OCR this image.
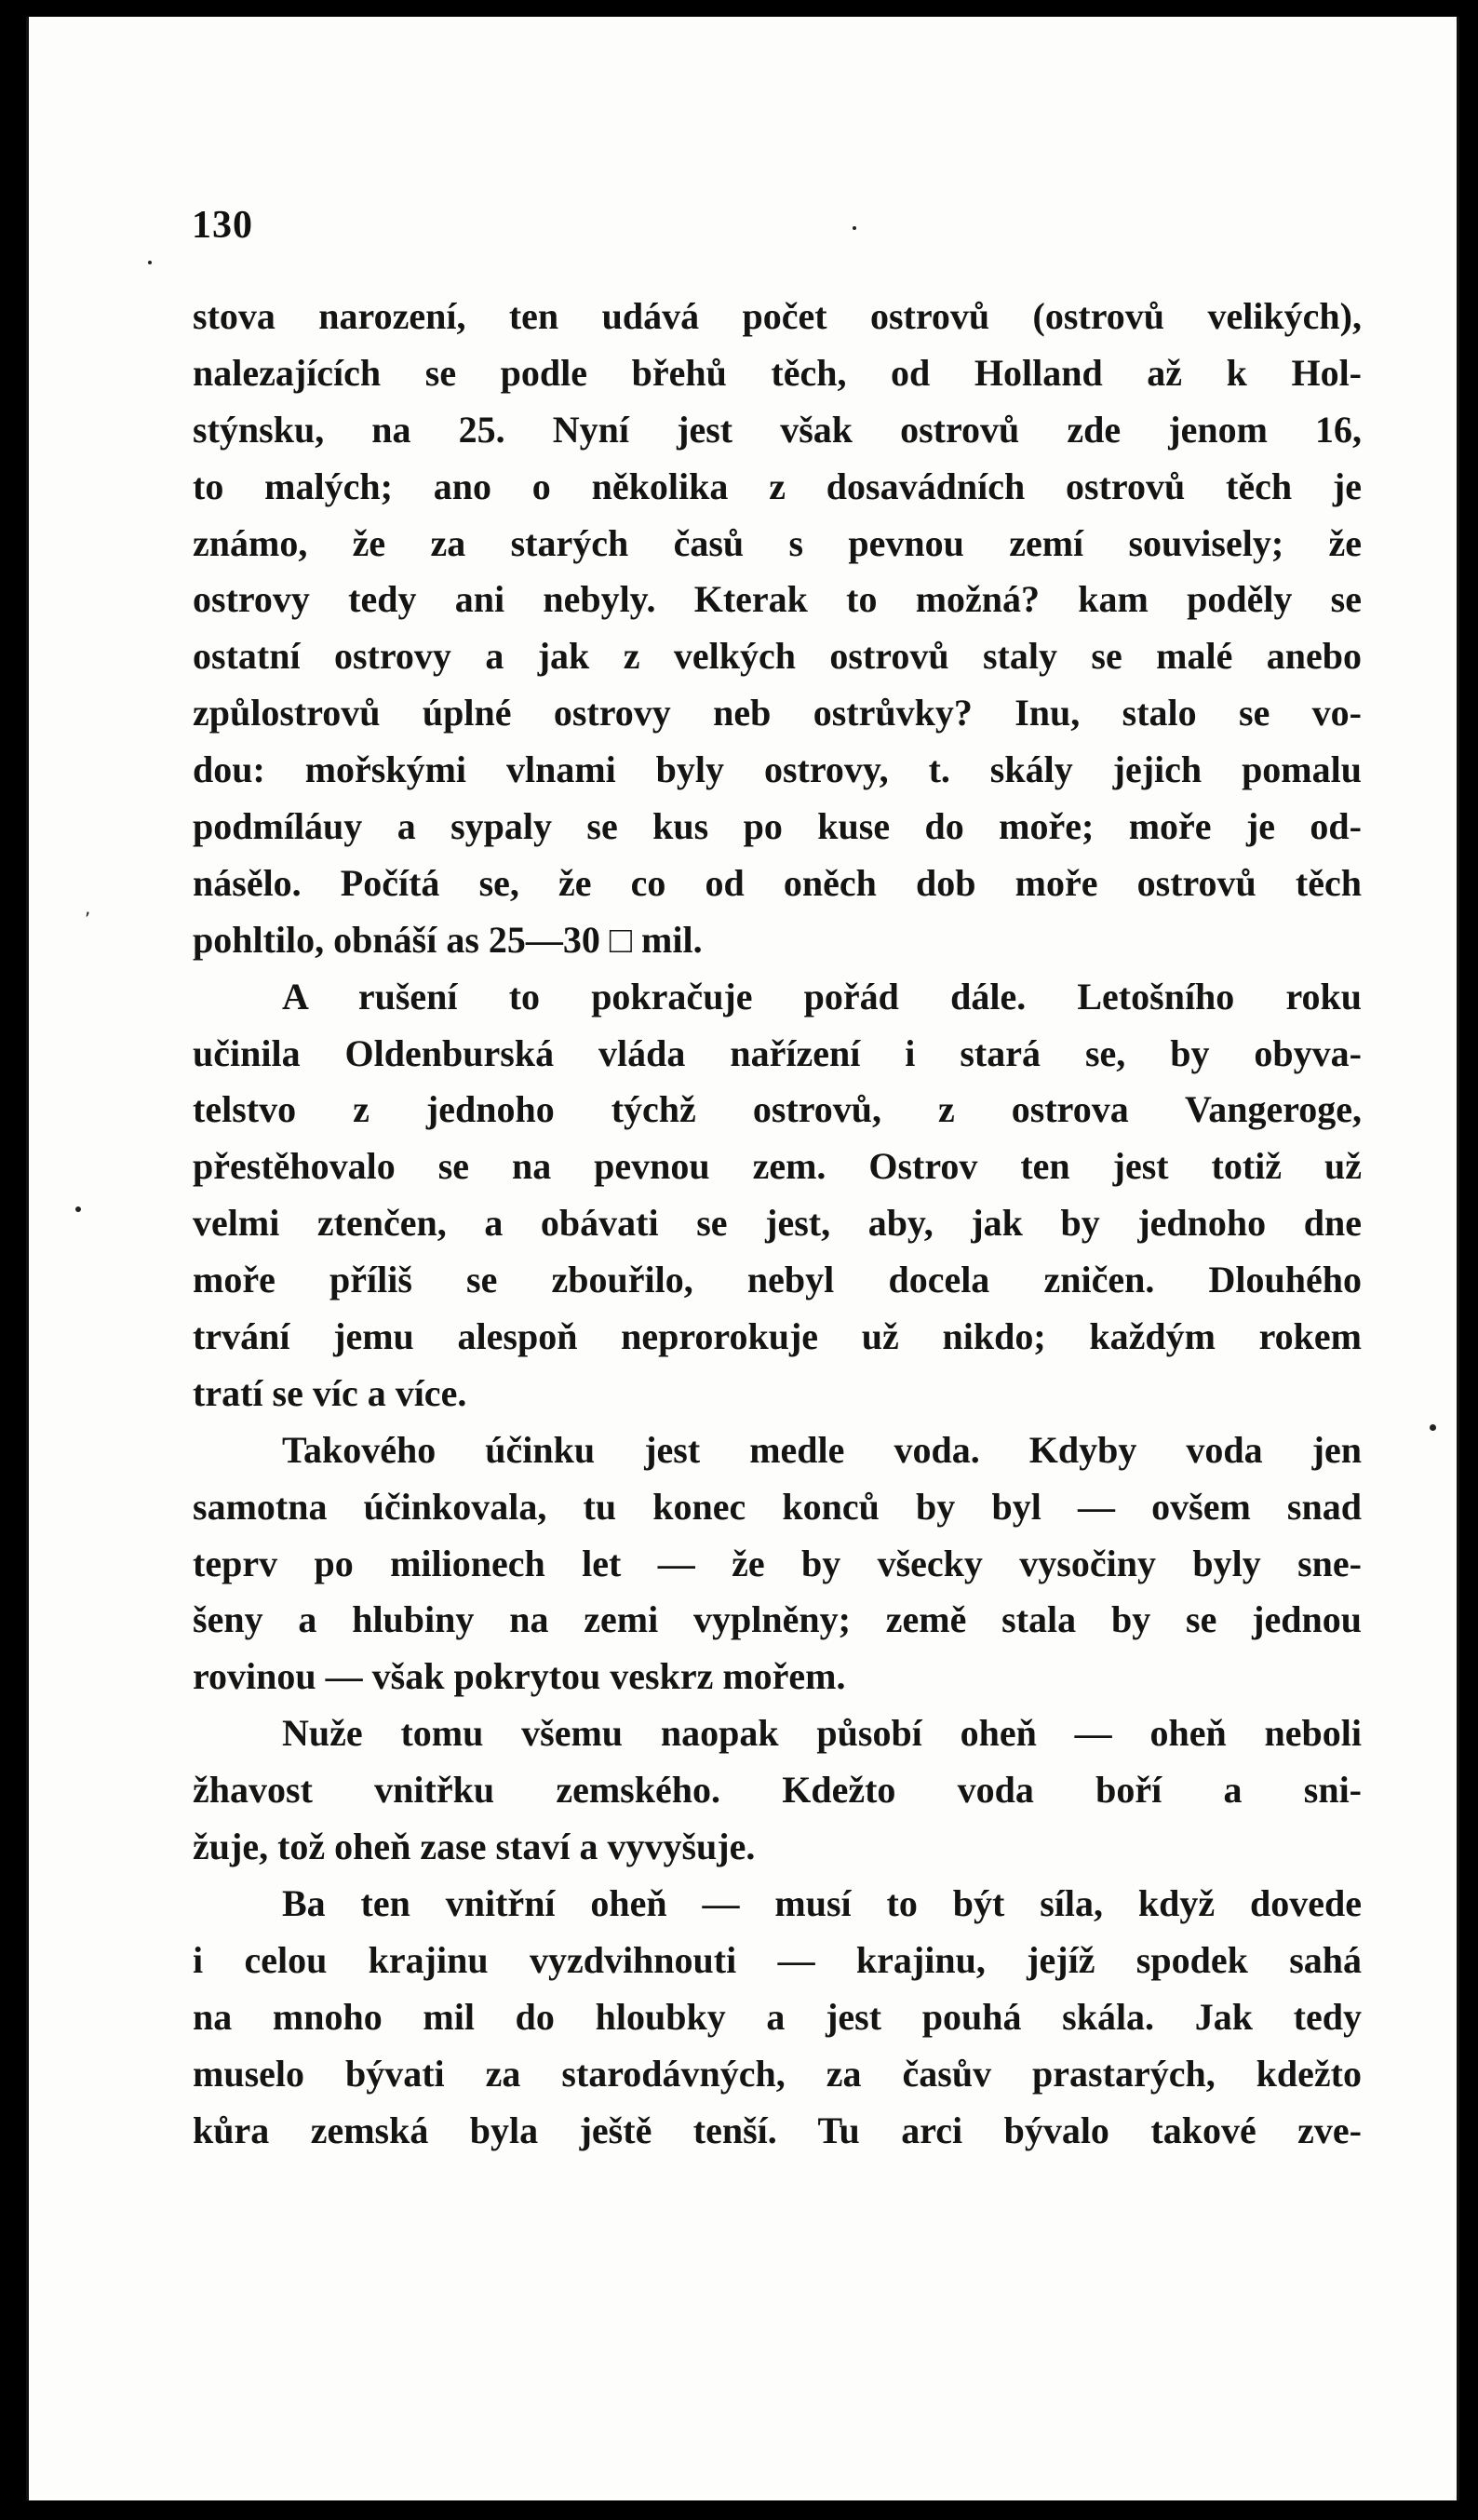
130
stova narození, ten udává počet ostrovů (ostrovů velikých),
nalezajících se podle břehů těch, od Holland až k Hol-
stýnsku, na 25. Nyní jest však ostrovů zde jenom 16,
to malých; ano o několika z dosavádních ostrovů těch je
známo, že za starých časů s pevnou zemí souvisely; že
ostrovy tedy ani nebyly. Kterak to možná? kam poděly se
ostatní ostrovy a jak z velkých ostrovů staly se malé anebo
způlostrovů úplné ostrovy neb ostrůvky? Inu, stalo se vo-
dou: mořskými vlnami byly ostrovy, t. skály jejich pomalu
podmíláuy a sypaly se kus po kuse do moře; moře je od-
násělo. Počítá se, že co od oněch dob moře ostrovů těch
pohltilo, obnáší as 25—30 □ mil.
A rušení to pokračuje pořád dále. Letošního roku
učinila Oldenburská vláda nařízení i stará se, by obyva-
telstvo z jednoho týchž ostrovů, z ostrova Vangeroge,
přestěhovalo se na pevnou zem. Ostrov ten jest totiž už
velmi ztenčen, a obávati se jest, aby, jak by jednoho dne
moře příliš se zbouřilo, nebyl docela zničen. Dlouhého
trvání jemu alespoň neprorokuje už nikdo; každým rokem
tratí se víc a více.
Takového účinku jest medle voda. Kdyby voda jen
samotna účinkovala, tu konec konců by byl — ovšem snad
teprv po milionech let — že by všecky vysočiny byly sne-
šeny a hlubiny na zemi vyplněny; země stala by se jednou
rovinou — však pokrytou veskrz mořem.
Nuže tomu všemu naopak působí oheň — oheň neboli
žhavost vnitřku zemského. Kdežto voda boří a sni-
žuje, tož oheň zase staví a vyvyšuje.
Ba ten vnitřní oheň — musí to být síla, když dovede
i celou krajinu vyzdvihnouti — krajinu, jejíž spodek sahá
na mnoho mil do hloubky a jest pouhá skála. Jak tedy
muselo bývati za starodávných, za časův prastarých, kdežto
kůra zemská byla ještě tenší. Tu arci bývalo takové zve-
,
